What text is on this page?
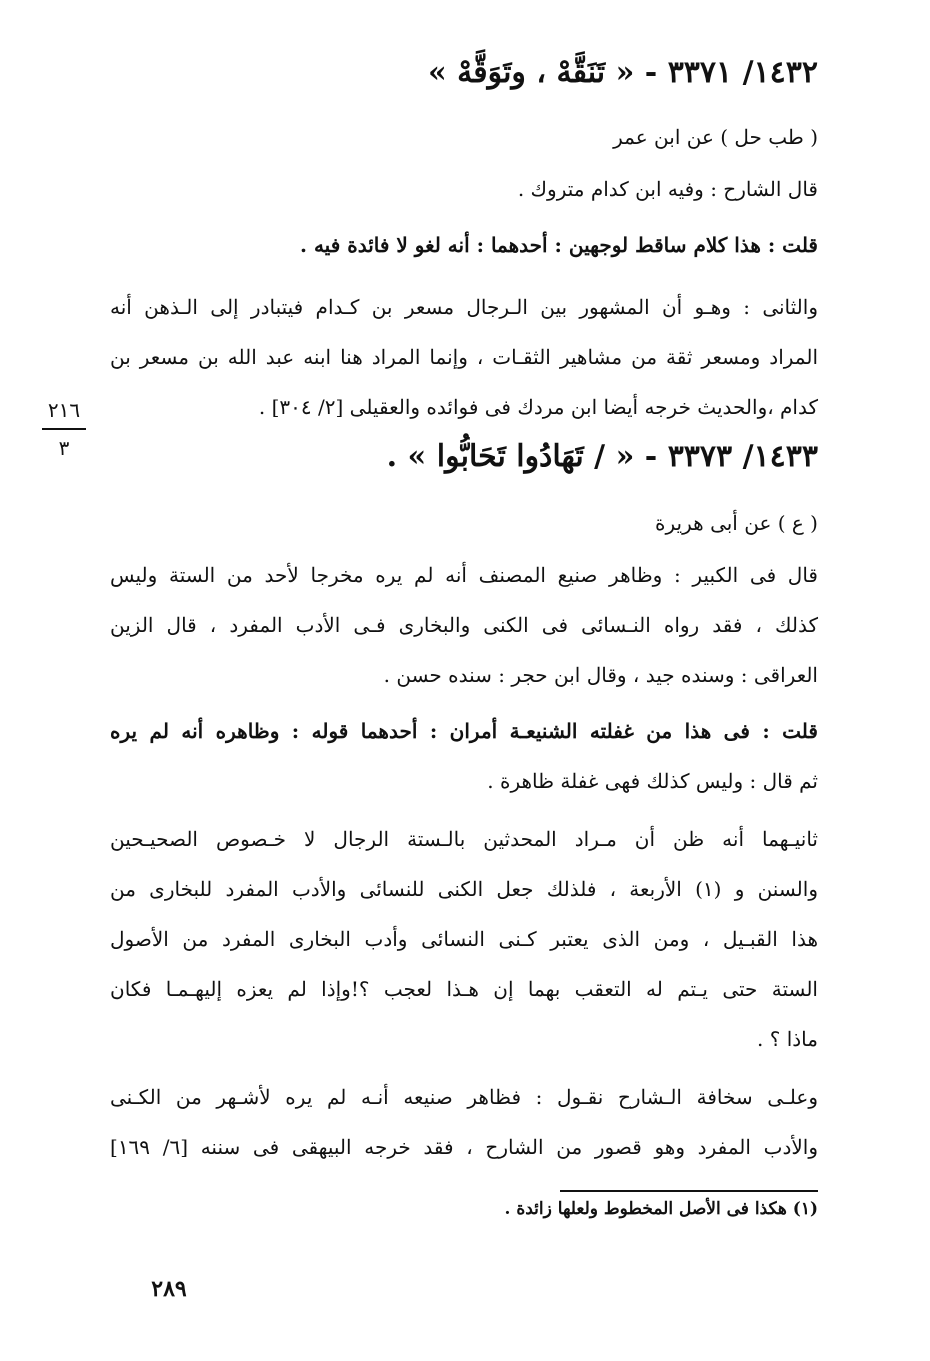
١٤٣٢/ ٣٣٧١ - « تَنَقَّهْ ، وتَوَقَّهْ »
( طب حل ) عن ابن عمر
قال الشارح : وفيه ابن كدام متروك .
قلت : هذا كلام ساقط لوجهين : أحدهما : أنه لغو لا فائدة فيه .
والثانى : وهـو أن المشهور بين الـرجال مسعر بن كـدام فيتبادر إلى الـذهن أنه
المراد ومسعر ثقة من مشاهير الثقـات ، وإنما المراد هنا ابنه عبد الله بن مسعر بن
كدام ،والحديث خرجه أيضا ابن مردك فى فوائده والعقيلى [٢/ ٣٠٤] .
٢١٦
٣	١٤٣٣/ ٣٣٧٣ - « / تَهَادُوا تَحَابُّوا » .
( ع ) عن أبى هريرة
قال فى الكبير : وظاهر صنيع المصنف أنه لم يره مخرجا لأحد من الستة وليس
كذلك ، فقد رواه النـسائى فى الكنى والبخارى فـى الأدب المفرد ، قال الزين
العراقى : وسنده جيد ، وقال ابن حجر : سنده حسن .
قلت : فى هذا من غفلته الشنيعـة أمران : أحدهما قوله : وظاهره أنه لم يره
ثم قال : وليس كذلك فهى غفلة ظاهرة .
ثانيـهما أنه ظن أن مـراد المحدثين بالـستة الرجال لا خـصوص الصحيـحين
والسنن و (١) الأربعة ، فلذلك جعل الكنى للنسائى والأدب المفرد للبخارى من
هذا القبـيل ، ومن الذى يعتبر كـنى النسائى وأدب البخارى المفرد من الأصول
الستة حتى يـتم له التعقب بهما إن هـذا لعجب ؟!وإذا لم يعزه إليهـمـا فكان
ماذا ؟ .
وعلـى سخافة الـشارح نقـول : فظاهر صنيعه أنـه لم يره لأشـهر من الكـنى
والأدب المفرد وهو قصور من الشارح ، فقد خرجه البيهقى فى سننه [٦/ ١٦٩]
(١) هكذا فى الأصل المخطوط ولعلها زائدة .
٢٨٩
